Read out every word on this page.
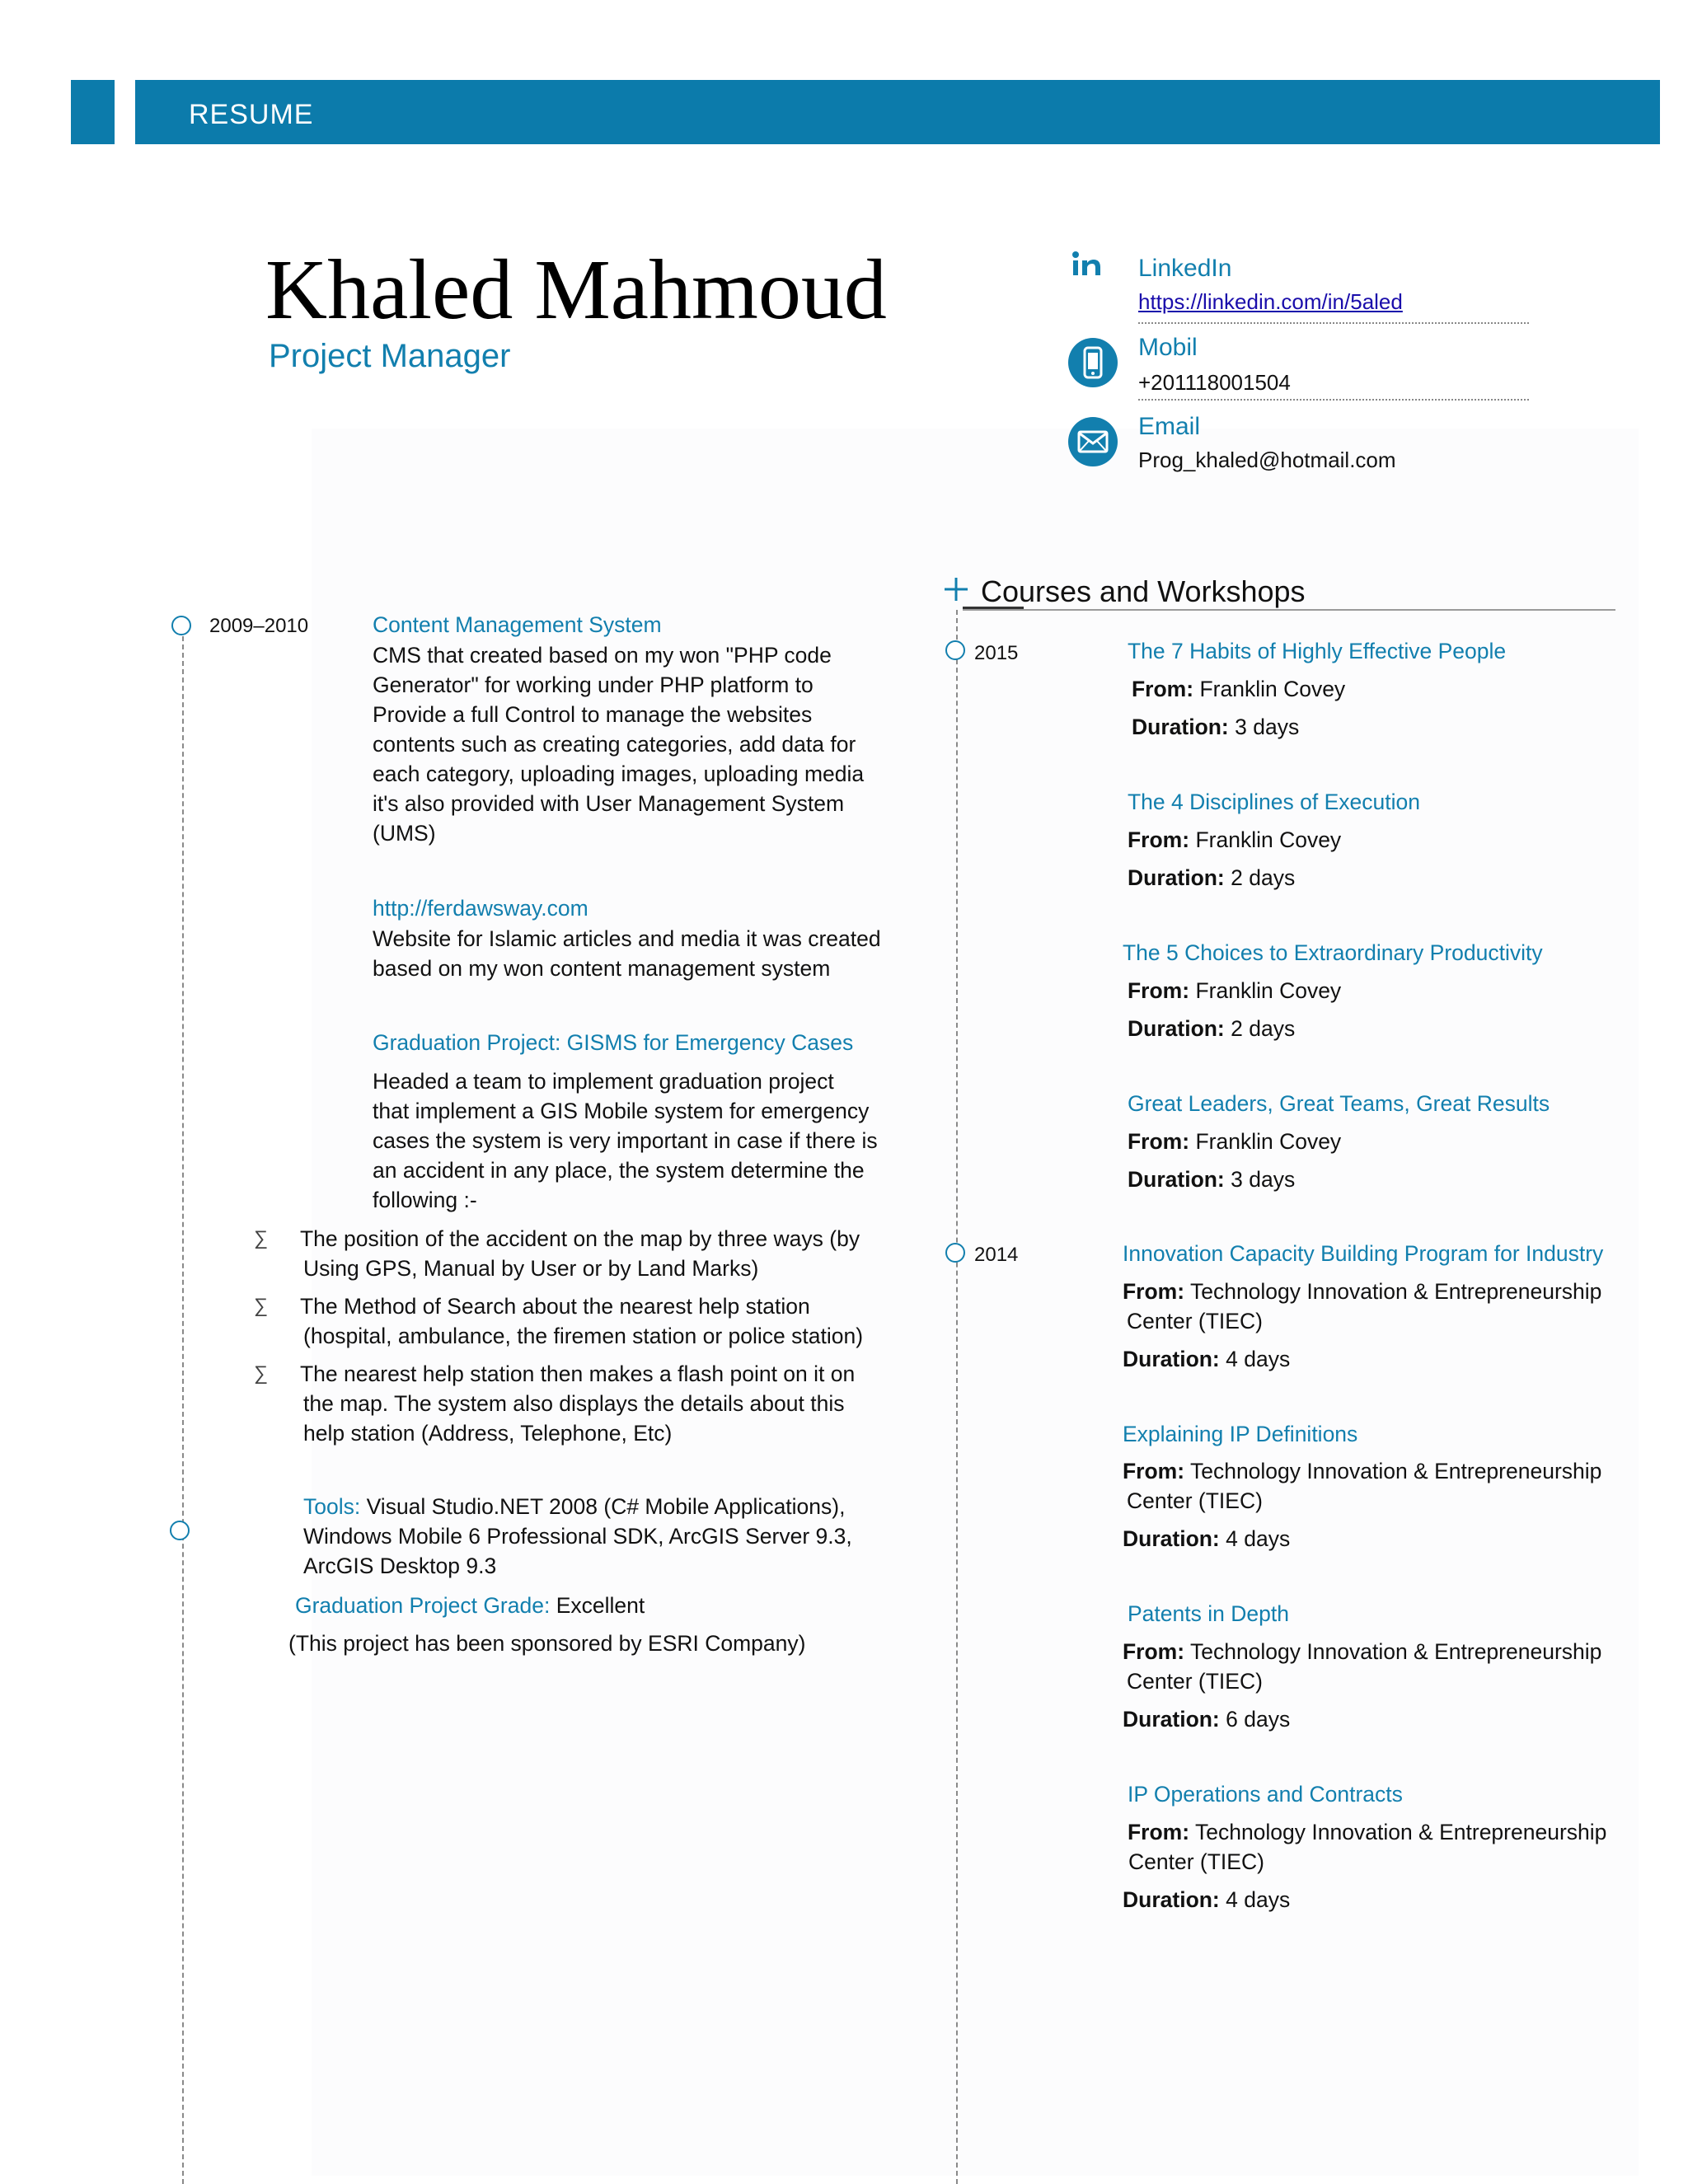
RESUME
Khaled Mahmoud
Project Manager
LinkedIn
https://linkedin.com/in/5aled
Mobil
+201118001504
Email
Prog_khaled@hotmail.com
2009–2010	Content Management System
CMS that created based on my won "PHP code
Generator" for working under PHP platform to
Provide a full Control to manage the websites
contents such as creating categories, add data for
each category, uploading images, uploading media
it's also provided with User Management System
(UMS)
http://ferdawsway.com
Website for Islamic articles and media it was created
based on my won content management system
Graduation Project: GISMS for Emergency Cases
Headed a team to implement graduation project
that implement a GIS Mobile system for emergency
cases the system is very important in case if there is
an accident in any place, the system determine the
following :-
∑ The position of the accident on the map by three ways (by
Using GPS, Manual by User or by Land Marks)
∑ The Method of Search about the nearest help station
(hospital, ambulance, the firemen station or police station)
∑ The nearest help station then makes a flash point on it on
the map. The system also displays the details about this
help station (Address, Telephone, Etc)
Tools: Visual Studio.NET 2008 (C# Mobile Applications),
Windows Mobile 6 Professional SDK, ArcGIS Server 9.3,
ArcGIS Desktop 9.3
Graduation Project Grade: Excellent
(This project has been sponsored by ESRI Company)
Courses and Workshops
2015
2014
The 7 Habits of Highly Effective People
From: Franklin Covey
Duration: 3 days
The 4 Disciplines of Execution
From: Franklin Covey
Duration: 2 days
The 5 Choices to Extraordinary Productivity
From: Franklin Covey
Duration: 2 days
Great Leaders, Great Teams, Great Results
From: Franklin Covey
Duration: 3 days
Innovation Capacity Building Program for Industry
From: Technology Innovation & Entrepreneurship
Center (TIEC)
Duration: 4 days
Explaining IP Definitions
From: Technology Innovation & Entrepreneurship
Center (TIEC)
Duration: 4 days
Patents in Depth
From: Technology Innovation & Entrepreneurship
Center (TIEC)
Duration: 6 days
IP Operations and Contracts
From: Technology Innovation & Entrepreneurship
Center (TIEC)
Duration: 4 days
